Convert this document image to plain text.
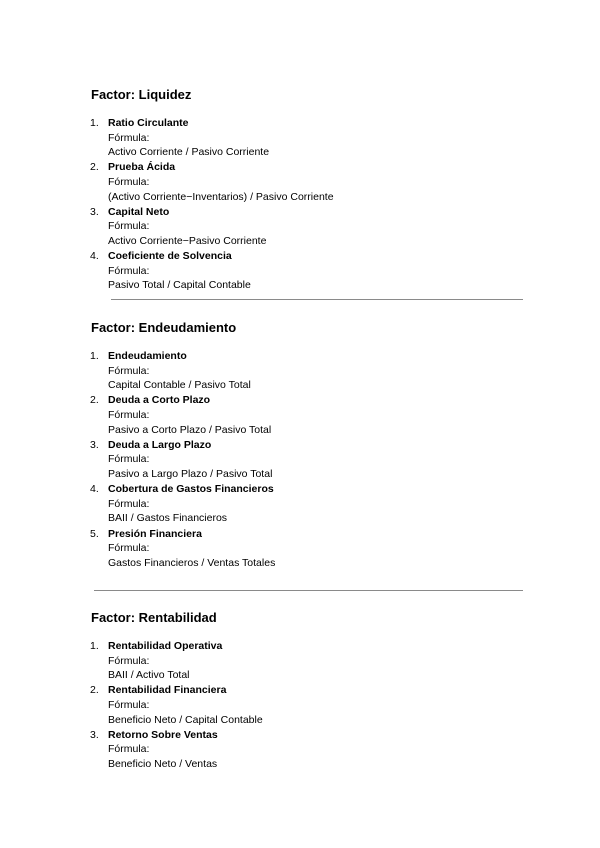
Factor: Liquidez
1. Ratio Circulante
Fórmula:
Activo Corriente / Pasivo Corriente
2. Prueba Ácida
Fórmula:
(Activo Corriente−Inventarios) / Pasivo Corriente
3. Capital Neto
Fórmula:
Activo Corriente−Pasivo Corriente
4. Coeficiente de Solvencia
Fórmula:
Pasivo Total / Capital Contable
Factor: Endeudamiento
1. Endeudamiento
Fórmula:
Capital Contable / Pasivo Total
2. Deuda a Corto Plazo
Fórmula:
Pasivo a Corto Plazo / Pasivo Total
3. Deuda a Largo Plazo
Fórmula:
Pasivo a Largo Plazo / Pasivo Total
4. Cobertura de Gastos Financieros
Fórmula:
BAII / Gastos Financieros
5. Presión Financiera
Fórmula:
Gastos Financieros / Ventas Totales
Factor: Rentabilidad
1. Rentabilidad Operativa
Fórmula:
BAII / Activo Total
2. Rentabilidad Financiera
Fórmula:
Beneficio Neto / Capital Contable
3. Retorno Sobre Ventas
Fórmula:
Beneficio Neto / Ventas
